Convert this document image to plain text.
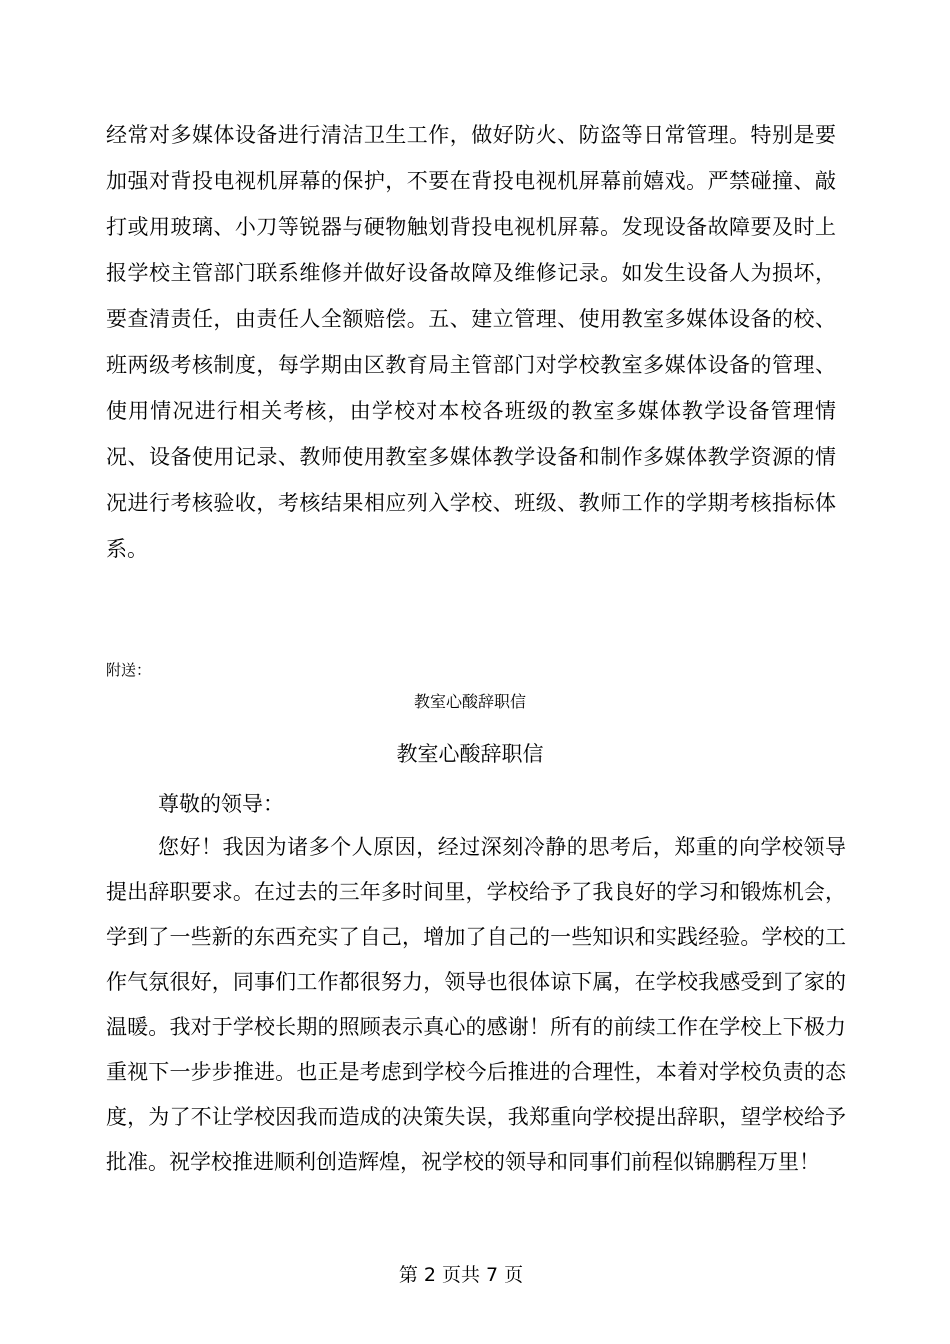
经常对多媒体设备进行清洁卫生工作，做好防火、防盗等日常管理。特别是要加强对背投电视机屏幕的保护，不要在背投电视机屏幕前嬉戏。严禁碰撞、敲打或用玻璃、小刀等锐器与硬物触划背投电视机屏幕。发现设备故障要及时上报学校主管部门联系维修并做好设备故障及维修记录。如发生设备人为损坏，要查清责任，由责任人全额赔偿。五、建立管理、使用教室多媒体设备的校、班两级考核制度，每学期由区教育局主管部门对学校教室多媒体设备的管理、使用情况进行相关考核，由学校对本校各班级的教室多媒体教学设备管理情况、设备使用记录、教师使用教室多媒体教学设备和制作多媒体教学资源的情况进行考核验收，考核结果相应列入学校、班级、教师工作的学期考核指标体系。

附送：

教室心酸辞职信

教室心酸辞职信

尊敬的领导：

您好！我因为诸多个人原因，经过深刻冷静的思考后，郑重的向学校领导提出辞职要求。在过去的三年多时间里，学校给予了我良好的学习和锻炼机会，学到了一些新的东西充实了自己，增加了自己的一些知识和实践经验。学校的工作气氛很好，同事们工作都很努力，领导也很体谅下属，在学校我感受到了家的温暖。我对于学校长期的照顾表示真心的感谢！所有的前续工作在学校上下极力重视下一步步推进。也正是考虑到学校今后推进的合理性，本着对学校负责的态度，为了不让学校因我而造成的决策失误，我郑重向学校提出辞职，望学校给予批准。祝学校推进顺利创造辉煌，祝学校的领导和同事们前程似锦鹏程万里！

第 2 页共 7 页
